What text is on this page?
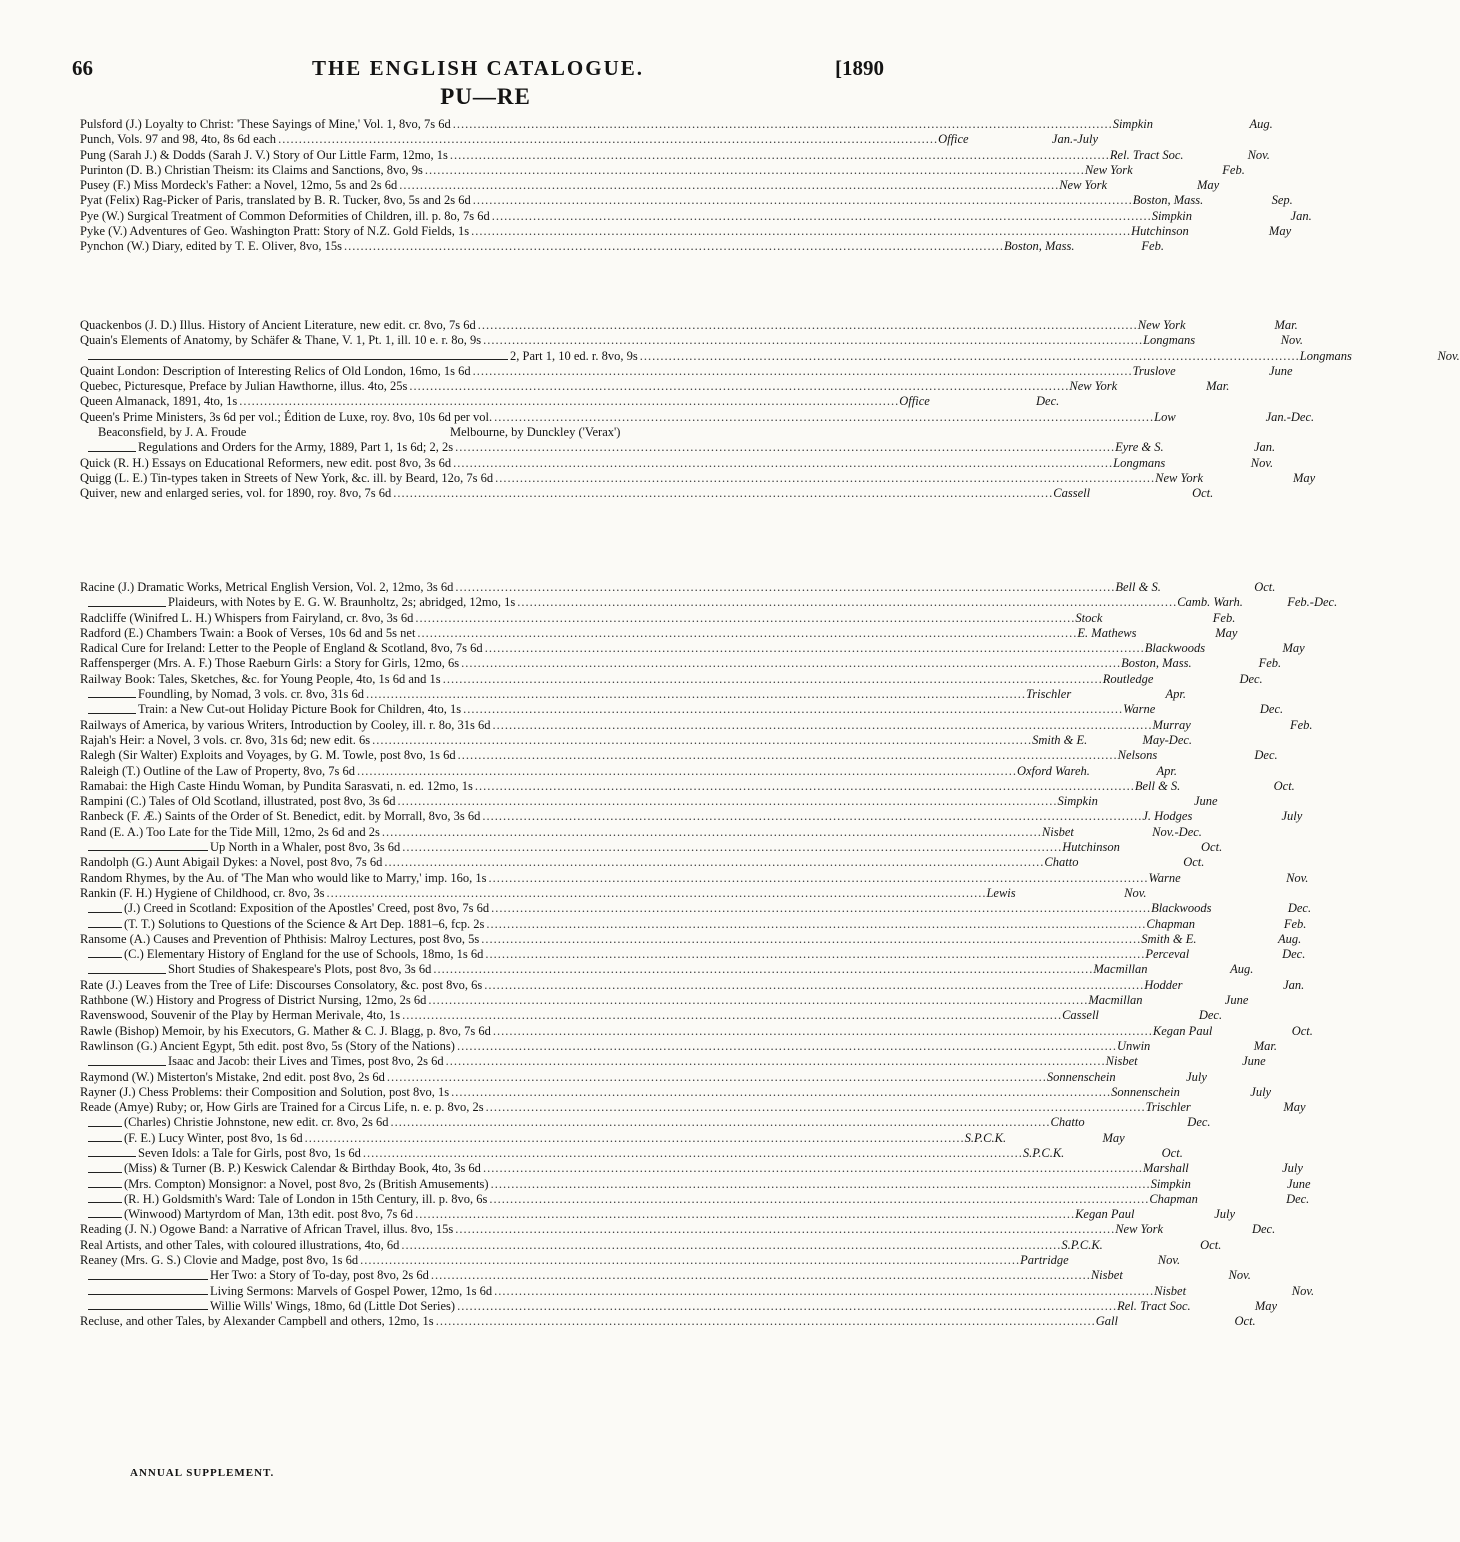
66	THE ENGLISH CATALOGUE.	[1890
PU—RE
Pulsford (J.) Loyalty to Christ: 'These Sayings of Mine,' Vol. 1, 8vo, 7s 6d .....	Simpkin	Aug.
Punch, Vols. 97 and 98, 4to, 8s 6d each .....	Office	Jan.-July
Pung (Sarah J.) & Dodds (Sarah J. V.) Story of Our Little Farm, 12mo, 1s .....	Rel. Tract Soc.	Nov.
Purinton (D. B.) Christian Theism: its Claims and Sanctions, 8vo, 9s .....	New York	Feb.
Pusey (F.) Miss Mordeck's Father: a Novel, 12mo, 5s and 2s 6d .....	New York	May
Pyat (Felix) Rag-Picker of Paris, translated by B. R. Tucker, 8vo, 5s and 2s 6d .....	Boston, Mass.	Sep.
Pye (W.) Surgical Treatment of Common Deformities of Children, ill. p. 8o, 7s 6d .....	Simpkin	Jan.
Pyke (V.) Adventures of Geo. Washington Pratt: Story of N.Z. Gold Fields, 1s .....	Hutchinson	May
Pynchon (W.) Diary, edited by T. E. Oliver, 8vo, 15s .....	Boston, Mass.	Feb.
Quackenbos (J. D.) Illus. History of Ancient Literature, new edit. cr. 8vo, 7s 6d .....	New York	Mar.
Quain's Elements of Anatomy, by Schäfer & Thane, V. 1, Pt. 1, ill. 10 e. r. 8o, 9s .....	Longmans	Nov.
2, Part 1, 10 ed. r. 8vo, 9s .....	Longmans	Nov.
Quaint London: Description of Interesting Relics of Old London, 16mo, 1s 6d .....	Truslove	June
Quebec, Picturesque, Preface by Julian Hawthorne, illus. 4to, 25s .....	New York	Mar.
Queen Almanack, 1891, 4to, 1s .....	Office	Dec.
Queen's Prime Ministers, 3s 6d per vol.; Édition de Luxe, roy. 8vo, 10s 6d per vol. .....	Low	Jan.-Dec.
Beaconsfield, by J. A. Froude	Melbourne, by Dunckley ('Verax')
Regulations and Orders for the Army, 1889, Part 1, 1s 6d; 2, 2s .....	Eyre & S.	Jan.
Quick (R. H.) Essays on Educational Reformers, new edit. post 8vo, 3s 6d .....	Longmans	Nov.
Quigg (L. E.) Tin-types taken in Streets of New York, &c. ill. by Beard, 12o, 7s 6d .....	New York	May
Quiver, new and enlarged series, vol. for 1890, roy. 8vo, 7s 6d .....	Cassell	Oct.
Racine (J.) Dramatic Works, Metrical English Version, Vol. 2, 12mo, 3s 6d .....	Bell & S.	Oct.
Plaideurs, with Notes by E. G. W. Braunholtz, 2s; abridged, 12mo, 1s .....	Camb. Warh.	Feb.-Dec.
Radcliffe (Winifred L. H.) Whispers from Fairyland, cr. 8vo, 3s 6d .....	Stock	Feb.
Radford (E.) Chambers Twain: a Book of Verses, 10s 6d and 5s net .....	E. Mathews	May
Radical Cure for Ireland: Letter to the People of England & Scotland, 8vo, 7s 6d .....	Blackwoods	May
Raffensperger (Mrs. A. F.) Those Raeburn Girls: a Story for Girls, 12mo, 6s .....	Boston, Mass.	Feb.
Railway Book: Tales, Sketches, &c. for Young People, 4to, 1s 6d and 1s .....	Routledge	Dec.
Foundling, by Nomad, 3 vols. cr. 8vo, 31s 6d .....	Trischler	Apr.
Train: a New Cut-out Holiday Picture Book for Children, 4to, 1s .....	Warne	Dec.
Railways of America, by various Writers, Introduction by Cooley, ill. r. 8o, 31s 6d .....	Murray	Feb.
Rajah's Heir: a Novel, 3 vols. cr. 8vo, 31s 6d; new edit. 6s .....	Smith & E.	May-Dec.
Ralegh (Sir Walter) Exploits and Voyages, by G. M. Towle, post 8vo, 1s 6d .....	Nelsons	Dec.
Raleigh (T.) Outline of the Law of Property, 8vo, 7s 6d .....	Oxford Wareh.	Apr.
Ramabai: the High Caste Hindu Woman, by Pundita Sarasvati, n. ed. 12mo, 1s .....	Bell & S.	Oct.
Rampini (C.) Tales of Old Scotland, illustrated, post 8vo, 3s 6d .....	Simpkin	June
Ranbeck (F. Æ.) Saints of the Order of St. Benedict, edit. by Morrall, 8vo, 3s 6d .....	J. Hodges	July
Rand (E. A.) Too Late for the Tide Mill, 12mo, 2s 6d and 2s .....	Nisbet	Nov.-Dec.
Up North in a Whaler, post 8vo, 3s 6d .....	Hutchinson	Oct.
Randolph (G.) Aunt Abigail Dykes: a Novel, post 8vo, 7s 6d .....	Chatto	Oct.
Random Rhymes, by the Au. of 'The Man who would like to Marry,' imp. 16o, 1s .....	Warne	Nov.
Rankin (F. H.) Hygiene of Childhood, cr. 8vo, 3s .....	Lewis	Nov.
(J.) Creed in Scotland: Exposition of the Apostles' Creed, post 8vo, 7s 6d .....	Blackwoods	Dec.
(T. T.) Solutions to Questions of the Science & Art Dep. 1881–6, fcp. 2s .....	Chapman	Feb.
Ransome (A.) Causes and Prevention of Phthisis: Malroy Lectures, post 8vo, 5s .....	Smith & E.	Aug.
(C.) Elementary History of England for the use of Schools, 18mo, 1s 6d .....	Perceval	Dec.
Short Studies of Shakespeare's Plots, post 8vo, 3s 6d .....	Macmillan	Aug.
Rate (J.) Leaves from the Tree of Life: Discourses Consolatory, &c. post 8vo, 6s .....	Hodder	Jan.
Rathbone (W.) History and Progress of District Nursing, 12mo, 2s 6d .....	Macmillan	June
Ravenswood, Souvenir of the Play by Herman Merivale, 4to, 1s .....	Cassell	Dec.
Rawle (Bishop) Memoir, by his Executors, G. Mather & C. J. Blagg, p. 8vo, 7s 6d .....	Kegan Paul	Oct.
Rawlinson (G.) Ancient Egypt, 5th edit. post 8vo, 5s (Story of the Nations) .....	Unwin	Mar.
Isaac and Jacob: their Lives and Times, post 8vo, 2s 6d .....	Nisbet	June
Raymond (W.) Misterton's Mistake, 2nd edit. post 8vo, 2s 6d .....	Sonnenschein	July
Rayner (J.) Chess Problems: their Composition and Solution, post 8vo, 1s .....	Sonnenschein	July
Reade (Amye) Ruby; or, How Girls are Trained for a Circus Life, n. e. p. 8vo, 2s .....	Trischler	May
(Charles) Christie Johnstone, new edit. cr. 8vo, 2s 6d .....	Chatto	Dec.
(F. E.) Lucy Winter, post 8vo, 1s 6d .....	S.P.C.K.	May
Seven Idols: a Tale for Girls, post 8vo, 1s 6d .....	S.P.C.K.	Oct.
(Miss) & Turner (B. P.) Keswick Calendar & Birthday Book, 4to, 3s 6d .....	Marshall	July
(Mrs. Compton) Monsignor: a Novel, post 8vo, 2s (British Amusements) .....	Simpkin	June
(R. H.) Goldsmith's Ward: Tale of London in 15th Century, ill. p. 8vo, 6s .....	Chapman	Dec.
(Winwood) Martyrdom of Man, 13th edit. post 8vo, 7s 6d .....	Kegan Paul	July
Reading (J. N.) Ogowe Band: a Narrative of African Travel, illus. 8vo, 15s .....	New York	Dec.
Real Artists, and other Tales, with coloured illustrations, 4to, 6d .....	S.P.C.K.	Oct.
Reaney (Mrs. G. S.) Clovie and Madge, post 8vo, 1s 6d .....	Partridge	Nov.
Her Two: a Story of To-day, post 8vo, 2s 6d .....	Nisbet	Nov.
Living Sermons: Marvels of Gospel Power, 12mo, 1s 6d .....	Nisbet	Nov.
Willie Wills' Wings, 18mo, 6d (Little Dot Series) .....	Rel. Tract Soc.	May
Recluse, and other Tales, by Alexander Campbell and others, 12mo, 1s .....	Gall	Oct.
ANNUAL SUPPLEMENT.
